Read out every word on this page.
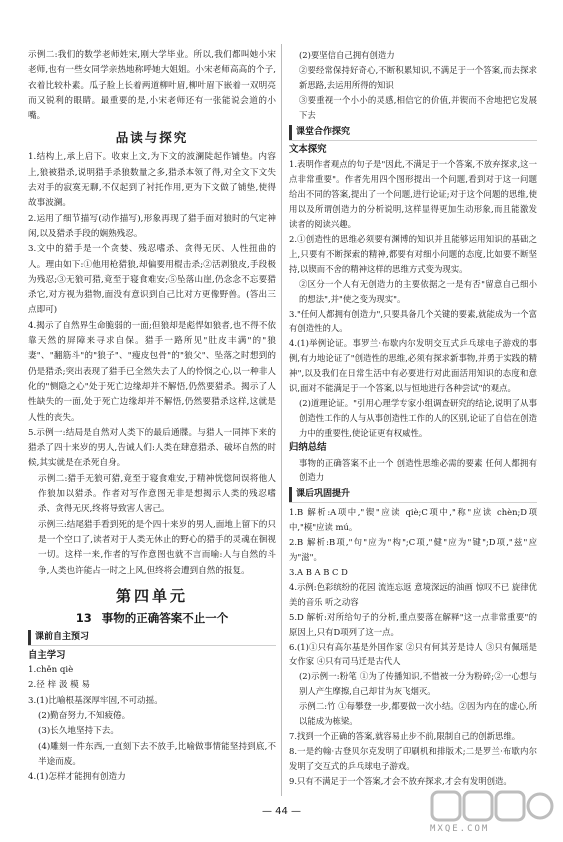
示例二:我们的数学老师姓宋,刚大学毕业。所以,我们都叫她小宋老师,也有一些女同学亲热地称呼她大姐姐。小宋老师高高的个子,衣着比较朴素。瓜子脸上长着两道柳叶眉,柳叶眉下嵌着一双明亮而又锐利的眼睛。最重要的是,小宋老师还有一张能说会道的小嘴。

品读与探究

1.结构上,承上启下。收束上文,为下文的波澜陡起作铺垫。内容上,狼被猎杀,说明猎手杀狼数量之多,猎杀本领了得,对全文下文失去对手的寂寞无聊,不仅起到了衬托作用,更为下文做了铺垫,使得故事波澜。

2.运用了细节描写(动作描写),形象再现了猎手面对狼时的气定神闲,以及猎杀手段的娴熟残忍。

3.文中的猎手是一个贪婪、残忍嗜杀、贪得无厌、人性扭曲的人。理由如下:①他用枪猎狼,却偏要用棍击杀;②活剥狼皮,手段极为残忍;③无狼可猎,竟至于寝食难安;⑤坠落山崖,仍念念不忘要猎杀它,对方视为猎物,面没有意识到自己比对方更像野兽。(答出三点即可)

4.揭示了自然界生命脆弱的一面;但狼却是彪悍如狼者,也不得不依靠天然的屏障来寻求自保。猎手一路所见"肚皮丰满"的"狼妻"、"翻筋斗"的"狼子"、"瘦皮包骨"的"狼父"、坠落之时想到的仍是猎杀;突出表现了猎手已全然失去了人的怜悯之心,以一种非人化的"恻隐之心"处于死亡边缘却并不解悟,仍然要猎杀。揭示了人性缺失的一面,处于死亡边缘却并不解悟,仍然要猎杀这样,这就是人性的丧失。

5.示例一:结局是自然对人类下的最后通牒。与猎人一同摔下来的猎杀了四十来岁的男人,告诫人们:人类在肆意猎杀、破坏自然的时候,其实就是在杀死自身。

示例二:猎手无狼可猎,竟至于寝食难安,于精神恍惚间误将他人作狼加以猎杀。作者对写作意图无非是想揭示人类的残忍嗜杀、贪得无厌,终将导致害人害己。

示例三:结尾猎手看到死的是个四十来岁的男人,面地上留下的只是一个空口了,读者对于人类无休止的野心的猎手的灵魂在徊视一切。这样一来,作者的写作意图也就不言而喻:人与自然的斗争,人类也许能占一时之上风,但终将会遭到自然的报复。

第四单元
13 事物的正确答案不止一个
课前自主预习
自主学习

1.chěn qiè

2.径 梓 汲 模 易

3.(1)比喻根基深厚牢固,不可动摇。

(2)勤奋努力,不知疲倦。

(3)长久地坚持下去。

(4)雕刻一件东西,一直刻下去不放手,比喻做事情能坚持到底,不半途而废。

4.(1)怎样才能拥有创造力

(2)要坚信自己拥有创造力

②要经常保持好奇心,不断积累知识,不满足于一个答案,而去探求新思路,去运用所得的知识

③要重视一个小小的灵感,相信它的价值,并锲而不舍地把它发展下去

课堂合作探究
文本探究

1.表明作者观点的句子是"因此,不满足于一个答案,不放弃探求,这一点非常重要"。作者先用四个图形提出一个问题,看到对于这一问题给出不同的答案,提出了一个问题,进行论证;对于这个问题的思维,使用以及所谓创造力的分析说明,这样显得更加生动形象,而且能激发读者的阅读兴趣。

2.①创造性的思维必须要有渊博的知识并且能够运用知识的基础之上,只要有不断探索的精神,都要有对细小问题的态度,比如要不断坚持,以锲而不舍的精神这样的思维方式变为现实。

②区分一个人有无创造力的主要依据之一是有否"留意自己细小的想法",并"使之变为现实"。

3."任何人都拥有创造力",只要具备几个关键的要素,就能成为一个富有创造性的人。

4.(1)举例论证。事罗兰·布歇内尔发明交互式乒乓球电子游戏的事例,有力地论证了"创造性的思维,必须有探求新事物,并勇于实践的精神",以及我们在日常生活中有必要进行对此面活用知识的态度和意识,面对不能满足于一个答案,以与恒地进行各种尝试"的观点。

(2)道理论证。"引用心理学专家小组调查研究的结论,说明了从事创造性工作的人与从事创造性工作的人的区别,论证了自信在创造力中的重要性,使论证更有权威性。

归纳总结

事物的正确答案不止一个 创造性思维必需的要素 任何人都拥有创造力

课后巩固提升

1.B 解析:A项中,"锲"应读 qiè;C项中,"称"应读 chèn;D项中,"模"应读 mú。

2.B 解析:B项,"句"应为"构";C项,"健"应为"键";D项,"兹"应为"滋"。

3.A B A B C D

4.示例:色彩缤纷的花园 流连忘返 意境深远的油画 惊叹不已 旋律优美的音乐 听之动容

5.D 解析:对所给句子的分析,重点要落在解释"这一点非常重要"的原因上,只有D项列了这一点。

6.(1)①只有高尔基是外国作家 ②只有何其芳是诗人 ③只有佩瑶是女作家 ④只有司马迁是古代人

(2)示例一:粉笔 ①为了传播知识,不惜被一分为粉碎;②一心想与别人产生摩擦,自己却甘为灰飞烟灭。

示例二:竹 ①每攀登一步,都要做一次小结。②因为内在的虚心,所以能成为栋梁。

7.找到一个正确的答案,就容易止步不前,限制自己的创新思维。

8.一是约翰·古登贝尔克发明了印刷机和排版术;二是罗兰·布歇内尔发明了交互式的乒乓球电子游戏。

9.只有不满足于一个答案,才会不放弃探求,才会有发明创造。

— 44 —
MXQE.COM
